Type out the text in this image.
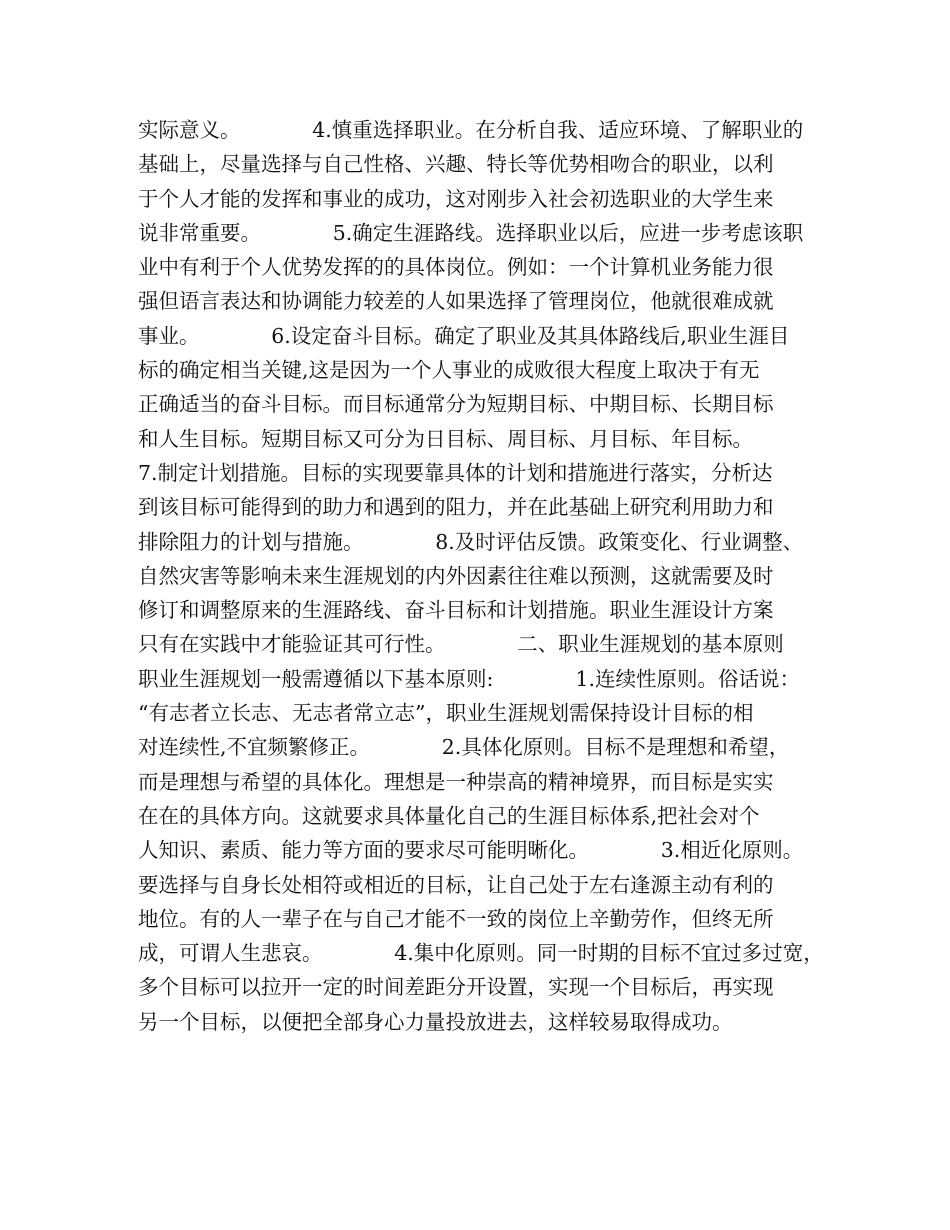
实际意义。　　　　4.慎重选择职业。在分析自我、适应环境、了解职业的
基础上，尽量选择与自己性格、兴趣、特长等优势相吻合的职业，以利
于个人才能的发挥和事业的成功，这对刚步入社会初选职业的大学生来
说非常重要。　　　　5.确定生涯路线。选择职业以后，应进一步考虑该职
业中有利于个人优势发挥的的具体岗位。例如：一个计算机业务能力很
强但语言表达和协调能力较差的人如果选择了管理岗位，他就很难成就
事业。　　　　6.设定奋斗目标。确定了职业及其具体路线后,职业生涯目
标的确定相当关键,这是因为一个人事业的成败很大程度上取决于有无
正确适当的奋斗目标。而目标通常分为短期目标、中期目标、长期目标
和人生目标。短期目标又可分为日目标、周目标、月目标、年目标。
7.制定计划措施。目标的实现要靠具体的计划和措施进行落实，分析达
到该目标可能得到的助力和遇到的阻力，并在此基础上研究利用助力和
排除阻力的计划与措施。　　　　8.及时评估反馈。政策变化、行业调整、
自然灾害等影响未来生涯规划的内外因素往往难以预测，这就需要及时
修订和调整原来的生涯路线、奋斗目标和计划措施。职业生涯设计方案
只有在实践中才能验证其可行性。　　　　二、职业生涯规划的基本原则
职业生涯规划一般需遵循以下基本原则:　　　　1.连续性原则。俗话说：
“有志者立长志、无志者常立志”，职业生涯规划需保持设计目标的相
对连续性,不宜频繁修正。　　　　2.具体化原则。目标不是理想和希望，
而是理想与希望的具体化。理想是一种崇高的精神境界，而目标是实实
在在的具体方向。这就要求具体量化自己的生涯目标体系,把社会对个
人知识、素质、能力等方面的要求尽可能明晰化。　　　　3.相近化原则。
要选择与自身长处相符或相近的目标，让自己处于左右逢源主动有利的
地位。有的人一辈子在与自己才能不一致的岗位上辛勤劳作，但终无所
成，可谓人生悲哀。　　　　4.集中化原则。同一时期的目标不宜过多过宽，
多个目标可以拉开一定的时间差距分开设置，实现一个目标后，再实现
另一个目标，以便把全部身心力量投放进去，这样较易取得成功。
